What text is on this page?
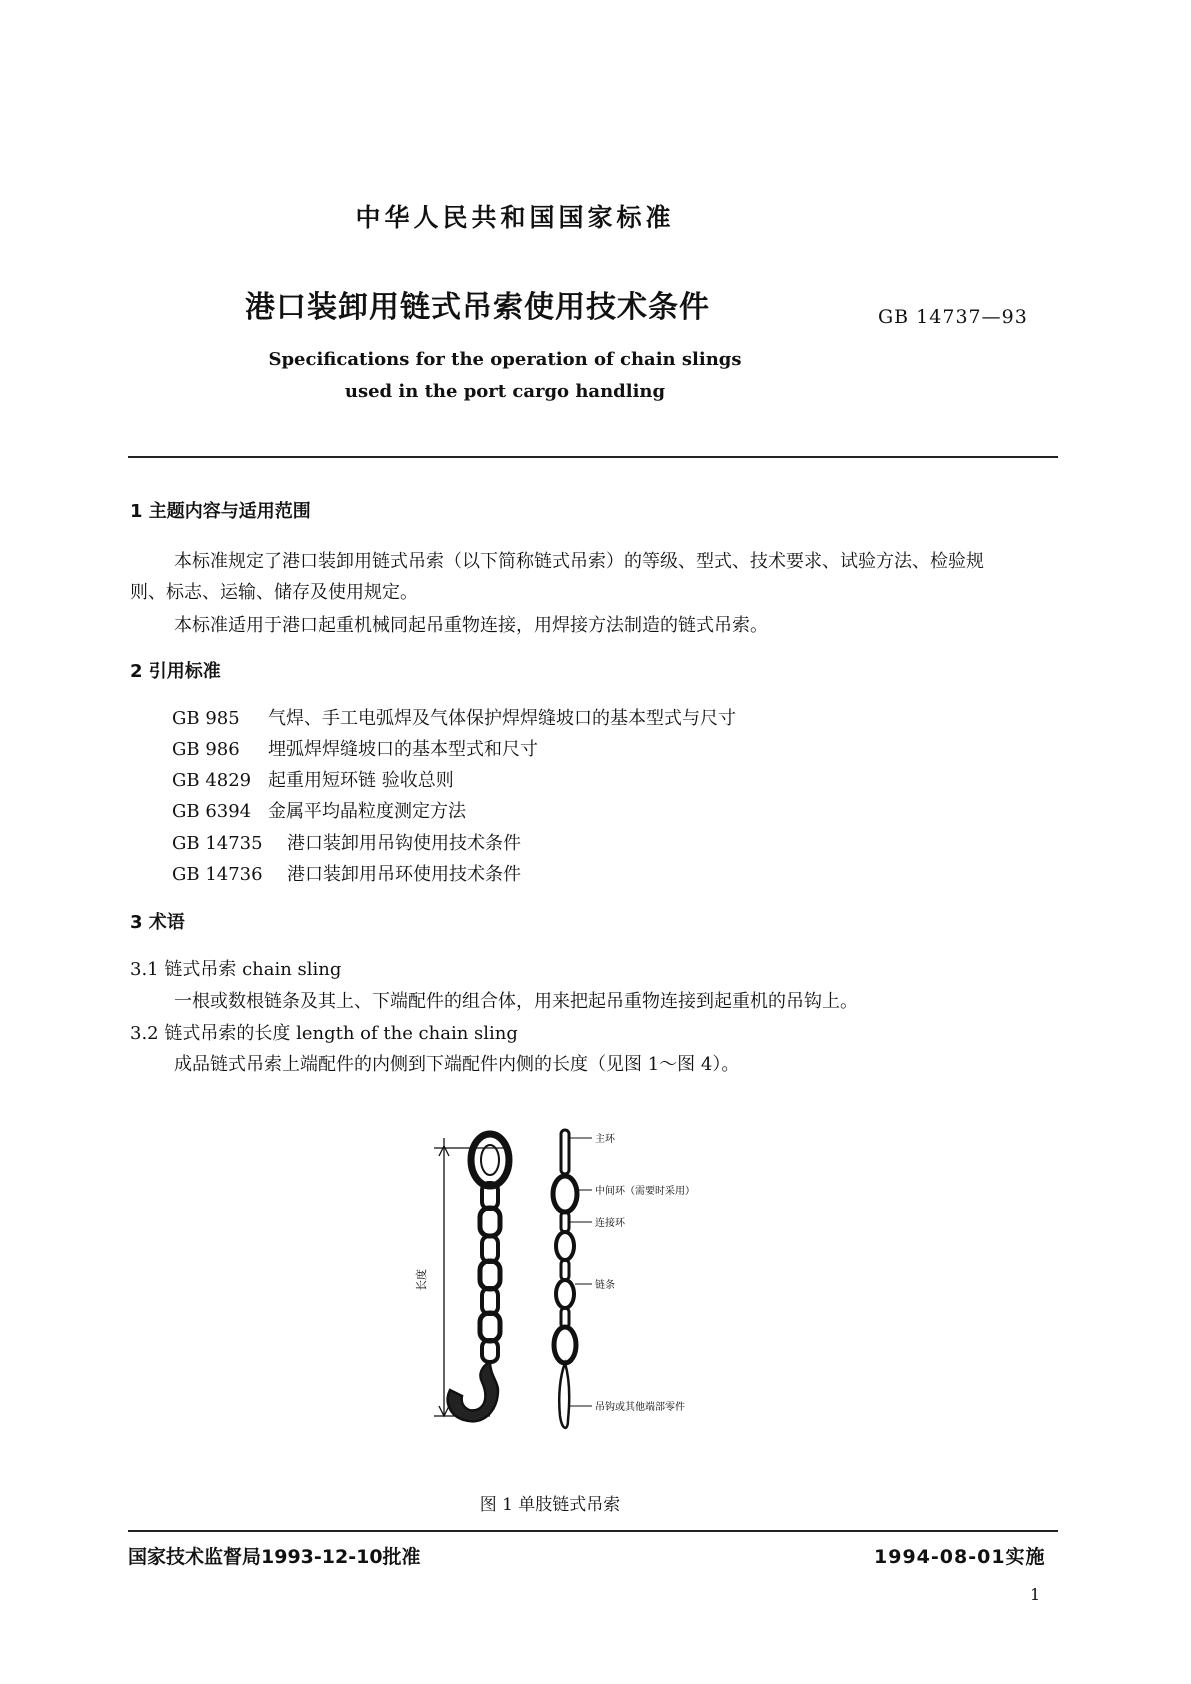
中华人民共和国国家标准
港口装卸用链式吊索使用技术条件	GB 14737—93
Specifications for the operation of chain slings
used in the port cargo handling
1 主题内容与适用范围
本标准规定了港口装卸用链式吊索（以下简称链式吊索）的等级、型式、技术要求、试验方法、检验规
则、标志、运输、储存及使用规定。
本标准适用于港口起重机械同起吊重物连接，用焊接方法制造的链式吊索。
2 引用标准
GB 985 气焊、手工电弧焊及气体保护焊焊缝坡口的基本型式与尺寸
GB 986 埋弧焊焊缝坡口的基本型式和尺寸
GB 4829 起重用短环链 验收总则
GB 6394 金属平均晶粒度测定方法
GB 14735 港口装卸用吊钩使用技术条件
GB 14736 港口装卸用吊环使用技术条件
3 术语
3.1 链式吊索 chain sling
一根或数根链条及其上、下端配件的组合体，用来把起吊重物连接到起重机的吊钩上。
3.2 链式吊索的长度 length of the chain sling
成品链式吊索上端配件的内侧到下端配件内侧的长度（见图 1～图 4）。
长度
主环
中间环（需要时采用）
连接环
链条
吊钩或其他端部零件
图 1 单肢链式吊索
国家技术监督局1993-12-10批准	1994-08-01实施
1
